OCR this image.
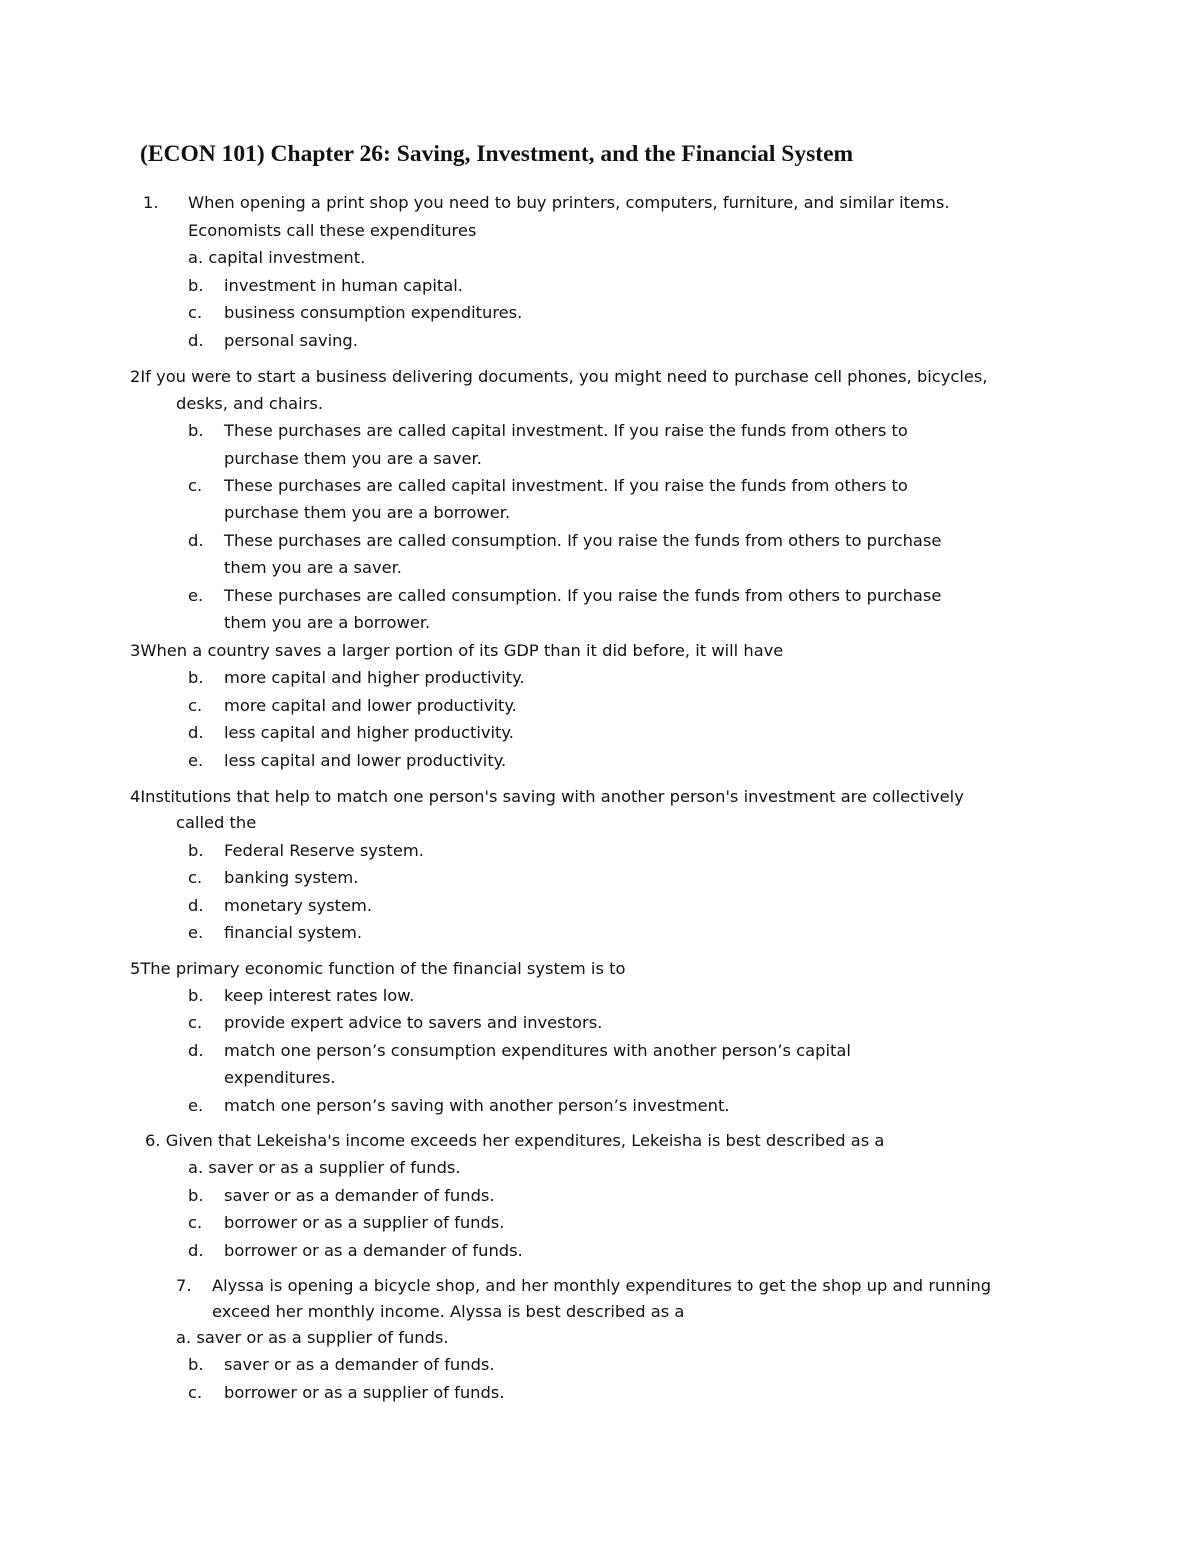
(ECON 101) Chapter 26: Saving, Investment, and the Financial System
1. When opening a print shop you need to buy printers, computers, furniture, and similar items.
Economists call these expenditures
a. capital investment.
b. investment in human capital.
c. business consumption expenditures.
d. personal saving.
2If you were to start a business delivering documents, you might need to purchase cell phones, bicycles,
desks, and chairs.
b. These purchases are called capital investment. If you raise the funds from others to
purchase them you are a saver.
c. These purchases are called capital investment. If you raise the funds from others to
purchase them you are a borrower.
d. These purchases are called consumption. If you raise the funds from others to purchase
them you are a saver.
e. These purchases are called consumption. If you raise the funds from others to purchase
them you are a borrower.
3When a country saves a larger portion of its GDP than it did before, it will have
b. more capital and higher productivity.
c. more capital and lower productivity.
d. less capital and higher productivity.
e. less capital and lower productivity.
4Institutions that help to match one person's saving with another person's investment are collectively
called the
b. Federal Reserve system.
c. banking system.
d. monetary system.
e. financial system.
5The primary economic function of the financial system is to
b. keep interest rates low.
c. provide expert advice to savers and investors.
d. match one person’s consumption expenditures with another person’s capital
expenditures.
e. match one person’s saving with another person’s investment.
6. Given that Lekeisha's income exceeds her expenditures, Lekeisha is best described as a
a. saver or as a supplier of funds.
b. saver or as a demander of funds.
c. borrower or as a supplier of funds.
d. borrower or as a demander of funds.
7. Alyssa is opening a bicycle shop, and her monthly expenditures to get the shop up and running
exceed her monthly income. Alyssa is best described as a
a. saver or as a supplier of funds.
b. saver or as a demander of funds.
c. borrower or as a supplier of funds.
